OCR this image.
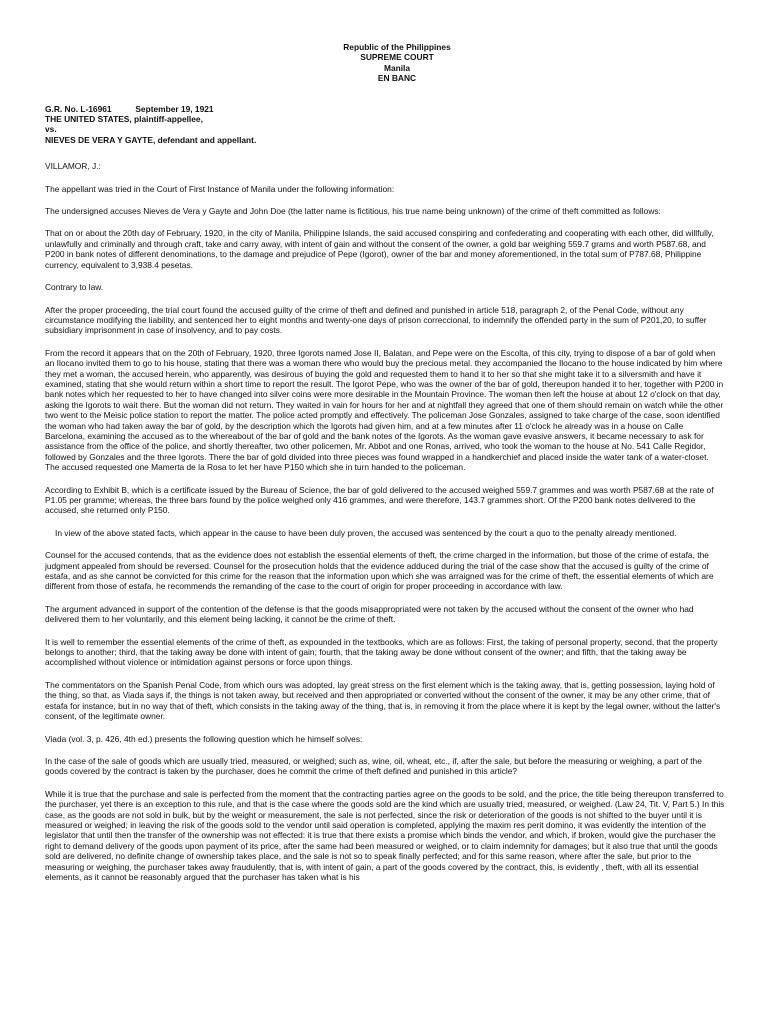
Republic of the Philippines
SUPREME COURT
Manila
EN BANC
G.R. No. L-16961	September 19, 1921
THE UNITED STATES, plaintiff-appellee,
vs.
NIEVES DE VERA Y GAYTE, defendant and appellant.
VILLAMOR, J.:

The appellant was tried in the Court of First Instance of Manila under the following information:

The undersigned accuses Nieves de Vera y Gayte and John Doe (the latter name is fictitious, his true name being unknown) of the crime of theft committed as follows:

That on or about the 20th day of February, 1920, in the city of Manila, Philippine Islands, the said accused conspiring and confederating and cooperating with each other, did willfully, unlawfully and criminally and through craft, take and carry away, with intent of gain and without the consent of the owner, a gold bar weighing 559.7 grams and worth P587.68, and P200 in bank notes of different denominations, to the damage and prejudice of Pepe (Igorot), owner of the bar and money aforementioned, in the total sum of P787.68, Philippine currency, equivalent to 3,938.4 pesetas.

Contrary to law.

After the proper proceeding, the trial court found the accused guilty of the crime of theft and defined and punished in article 518, paragraph 2, of the Penal Code, without any circumstance modifying the liability, and sentenced her to eight months and twenty-one days of prison correccional, to indemnify the offended party in the sum of P201,20, to suffer subsidiary imprisonment in case of insolvency, and to pay costs.

From the record it appears that on the 20th of February, 1920, three Igorots named Jose II, Balatan, and Pepe were on the Escolta, of this city, trying to dispose of a bar of gold when an Ilocano invited them to go to his house, stating that there was a woman there who would buy the precious metal. they accompanied the Ilocano to the house indicated by him where they met a woman, the accused herein, who apparently, was desirous of buying the gold and requested them to hand it to her so that she might take it to a silversmith and have it examined, stating that she would return within a short time to report the result. The Igorot Pepe, who was the owner of the bar of gold, thereupon handed it to her, together with P200 in bank notes which her requested to her to have changed into silver coins were more desirable in the Mountain Province. The woman then left the house at about 12 o'clock on that day, asking the Igorots to wait there. But the woman did not return. They waited in vain for hours for her and at nightfall they agreed that one of them should remain on watch while the other two went to the Meisic police station to report the matter. The police acted promptly and effectively. The policeman Jose Gonzales, assigned to take charge of the case, soon identified the woman who had taken away the bar of gold, by the description which the Igorots had given him, and at a few minutes after 11 o'clock he already was in a house on Calle Barcelona, examining the accused as to the whereabout of the bar of gold and the bank notes of the Igorots. As the woman gave evasive answers, it became necessary to ask for assistance from the office of the police, and shortly thereafter, two other policemen, Mr. Abbot and one Ronas, arrived, who took the woman to the house at No. 541 Calle Regidor, followed by Gonzales and the three Igorots. There the bar of gold divided into three pieces was found wrapped in a handkerchief and placed inside the water tank of a water-closet. The accused requested one Mamerta de la Rosa to let her have P150 which she in turn handed to the policeman.

According to Exhibit B, which is a certificate issued by the Bureau of Science, the bar of gold delivered to the accused weighed 559.7 grammes and was worth P587.68 at the rate of P1.05 per gramme; whereas, the three bars found by the police weighed only 416 grammes, and were therefore, 143.7 grammes short. Of the P200 bank notes delivered to the accused, she returned only P150.

In view of the above stated facts, which appear in the cause to have been duly proven, the accused was sentenced by the court a quo to the penalty already mentioned.

Counsel for the accused contends, that as the evidence does not establish the essential elements of theft, the crime charged in the information, but those of the crime of estafa, the judgment appealed from should be reversed. Counsel for the prosecution holds that the evidence adduced during the trial of the case show that the accused is guilty of the crime of estafa, and as she cannot be convicted for this crime for the reason that the information upon which she was arraigned was for the crime of theft, the essential elements of which are different from those of estafa, he recommends the remanding of the case to the court of origin for proper proceeding in accordance with law.

The argument advanced in support of the contention of the defense is that the goods misappropriated were not taken by the accused without the consent of the owner who had delivered them to her voluntarily, and this element being lacking, it cannot be the crime of theft.

It is well to remember the essential elements of the crime of theft, as expounded in the textbooks, which are as follows: First, the taking of personal property, second, that the property belongs to another; third, that the taking away be done with intent of gain; fourth, that the taking away be done without consent of the owner; and fifth, that the taking away be accomplished without violence or intimidation against persons or force upon things.

The commentators on the Spanish Penal Code, from which ours was adopted, lay great stress on the first element which is the taking away, that is, getting possession, laying hold of the thing, so that, as Viada says if, the things is not taken away, but received and then appropriated or converted without the consent of the owner, it may be any other crime, that of estafa for instance, but in no way that of theft, which consists in the taking away of the thing, that is, in removing it from the place where it is kept by the legal owner, without the latter's consent, of the legitimate owner.

Viada (vol. 3, p. 426, 4th ed.) presents the following question which he himself solves:

In the case of the sale of goods which are usually tried, measured, or weighed; such as, wine, oil, wheat, etc., if, after the sale, but before the measuring or weighing, a part of the goods covered by the contract is taken by the purchaser, does he commit the crime of theft defined and punished in this article?

While it is true that the purchase and sale is perfected from the moment that the contracting parties agree on the goods to be sold, and the price, the title being thereupon transferred to the purchaser, yet there is an exception to this rule, and that is the case where the goods sold are the kind which are usually tried, measured, or weighed. (Law 24, Tit. V, Part 5.) In this case, as the goods are not sold in bulk, but by the weight or measurement, the sale is not perfected, since the risk or deterioration of the goods is not shifted to the buyer until it is measured or weighed; in leaving the risk of the goods sold to the vendor until said operation is completed, applying the maxim res perit domino, it was evidently the intention of the legislator that until then the transfer of the ownership was not effected: it is true that there exists a promise which binds the vendor, and which, if broken, would give the purchaser the right to demand delivery of the goods upon payment of its price, after the same had been measured or weighed, or to claim indemnity for damages; but it also true that until the goods sold are delivered, no definite change of ownership takes place, and the sale is not so to speak finally perfected; and for this same reason, where after the sale, but prior to the measuring or weighing, the purchaser takes away fraudulently, that is, with intent of gain, a part of the goods covered by the contract, this, is evidently , theft, with all its essential elements, as it cannot be reasonably argued that the purchaser has taken what is his
